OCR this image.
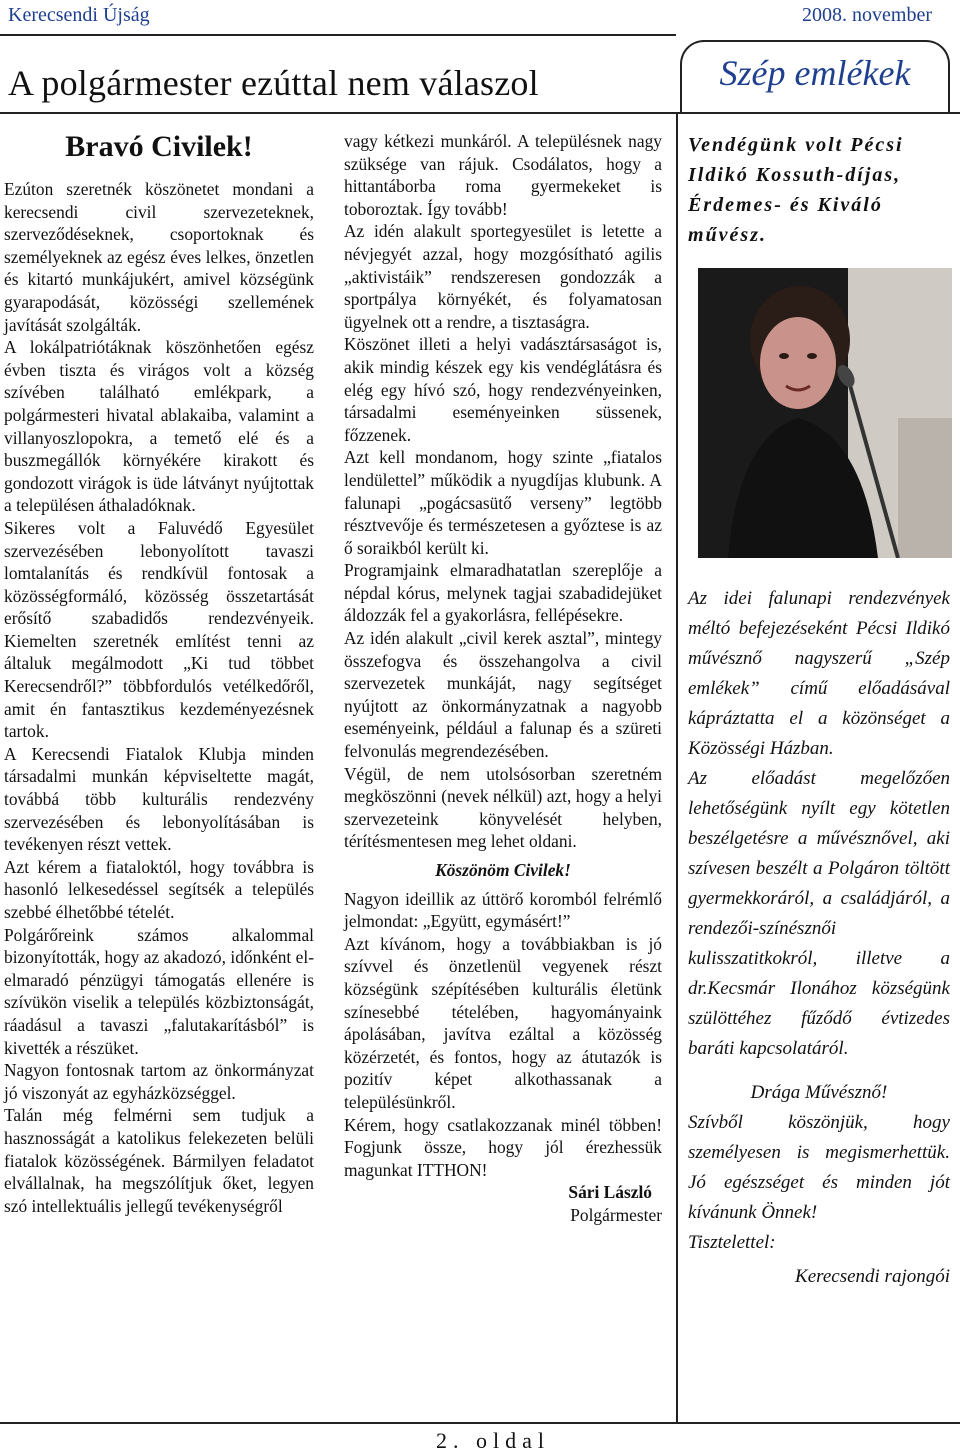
Kerecsendi Újság	2008. november
A polgármester ezúttal nem válaszol	Szép emlékek

Bravó Civilek!

Ezúton szeretnék köszönetet mondani a kerecsendi civil szervezeteknek, szerveződéseknek, csoportoknak és személyeknek az egész éves lelkes, önzetlen és kitartó munkájukért, amivel községünk gyarapodását, közösségi szellemének javítását szolgálták.

A lokálpatriótáknak köszönhetően egész évben tiszta és virágos volt a község szívében található emlékpark, a polgármesteri hivatal ablakaiba, valamint a villanyoszlopokra, a temető elé és a buszmegállók környékére kirakott és gondozott virágok is üde látványt nyújtottak a településen áthaladóknak.

Sikeres volt a Faluvédő Egyesület szervezésében lebonyolított tavaszi lomtalanítás és rendkívül fontosak a közösségformáló, közösség összetartását erősítő szabadidős rendezvényeik. Kiemelten szeretnék említést tenni az általuk megálmodott „Ki tud többet Kerecsendről?” többfordulós vetélkedőről, amit én fantasztikus kezdeményezésnek tartok.

A Kerecsendi Fiatalok Klubja minden társadalmi munkán képviseltette magát, továbbá több kulturális rendezvény szervezésében és lebonyolításában is tevékenyen részt vettek.

Azt kérem a fiataloktól, hogy továbbra is hasonló lelkesedéssel segítsék a település szebbé élhetőbbé tételét.

Polgárőreink számos alkalommal bizonyították, hogy az akadozó, időnként el-elmaradó pénzügyi támogatás ellenére is szívükön viselik a település közbiztonságát, ráadásul a tavaszi „falutakarításból” is kivették a részüket.

Nagyon fontosnak tartom az önkormányzat jó viszonyát az egyházközséggel.

Talán még felmérni sem tudjuk a hasznosságát a katolikus felekezeten belüli fiatalok közösségének. Bármilyen feladatot elvállalnak, ha megszólítjuk őket, legyen szó intellektuális jellegű tevékenységről

vagy kétkezi munkáról. A településnek nagy szüksége van rájuk. Csodálatos, hogy a hittantáborba roma gyermekeket is toboroztak. Így tovább!

Az idén alakult sportegyesület is letette a névjegyét azzal, hogy mozgósítható agilis „aktivistáik” rendszeresen gondozzák a sportpálya környékét, és folyamatosan ügyelnek ott a rendre, a tisztaságra.

Köszönet illeti a helyi vadásztársaságot is, akik mindig készek egy kis vendéglátásra és elég egy hívó szó, hogy rendezvényeinken, társadalmi eseményeinken süssenek, főzzenek.

Azt kell mondanom, hogy szinte „fiatalos lendülettel” működik a nyugdíjas klubunk. A falunapi „pogácsasütő verseny” legtöbb résztvevője és természetesen a győztese is az ő soraikból került ki.

Programjaink elmaradhatatlan szereplője a népdal kórus, melynek tagjai szabadidejüket áldozzák fel a gyakorlásra, fellépésekre.

Az idén alakult „civil kerek asztal”, mintegy összefogva és összehangolva a civil szervezetek munkáját, nagy segítséget nyújtott az önkormányzatnak a nagyobb eseményeink, például a falunap és a szüreti felvonulás megrendezésében.

Végül, de nem utolsósorban szeretném megköszönni (nevek nélkül) azt, hogy a helyi szervezeteink könyvelését helyben, térítésmentesen meg lehet oldani.

Köszönöm Civilek!

Nagyon ideillik az úttörő koromból felrémlő jelmondat: „Együtt, egymásért!”

Azt kívánom, hogy a továbbiakban is jó szívvel és önzetlenül vegyenek részt községünk szépítésében kulturális életünk színesebbé tételében, hagyományaink ápolásában, javítva ezáltal a közösség közérzetét, és fontos, hogy az átutazók is pozitív képet alkothassanak a településünkről.

Kérem, hogy csatlakozzanak minél többen! Fogjunk össze, hogy jól érezhessük magunkat ITTHON!

Sári László

Polgármester

Vendégünk volt Pécsi Ildikó Kossuth-díjas, Érdemes- és Kiváló művész.

Az idei falunapi rendezvények méltó befejezéseként Pécsi Ildikó művésznő nagyszerű „Szép emlékek” című előadásával kápráztatta el a közönséget a Közösségi Házban.

Az előadást megelőzően lehetőségünk nyílt egy kötetlen beszélgetésre a művésznővel, aki szívesen beszélt a Polgáron töltött gyermekkoráról, a családjáról, a rendezői-színésznői kulisszatitkokról, illetve a dr.Kecsmár Ilonához községünk szülöttéhez fűződő évtizedes baráti kapcsolatáról.

Drága Művésznő!

Szívből köszönjük, hogy személyesen is megismerhettük. Jó egészséget és minden jót kívánunk Önnek!

Tisztelettel:

Kerecsendi rajongói

2. oldal
